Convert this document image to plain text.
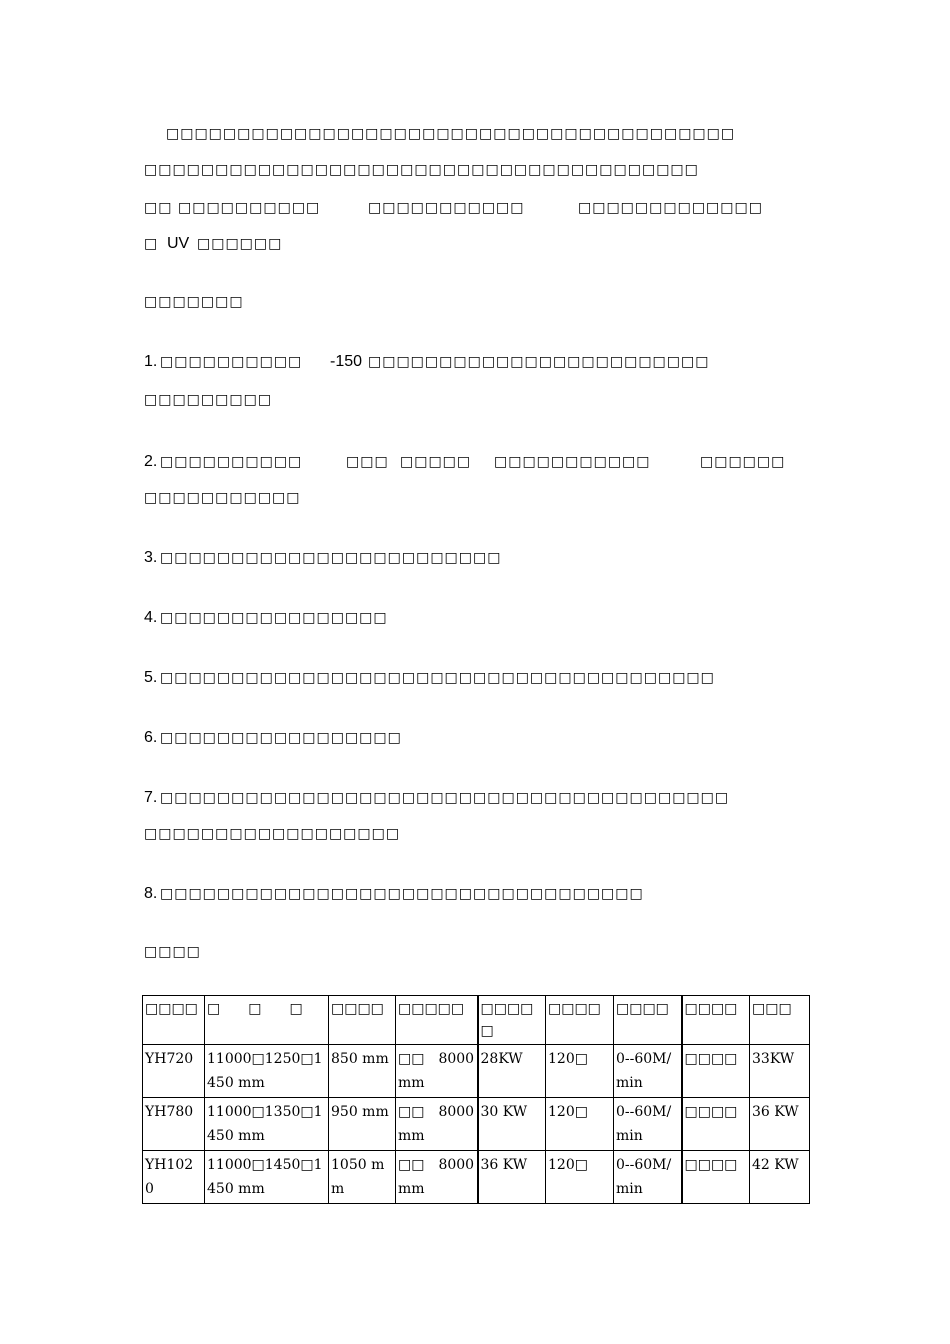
□□□□□□□□□□□□□□□□□□□□□□□□□□□□□□□□□□□□□□□□
□□□□□□□□□□□□□□□□□□□□□□□□□□□□□□□□□□□□□□□
□□ □□□□□□□□□□	□□□□□□□□□□□	□□□□□□□□□□□□□
□ UV □□□□□□
□□□□□□□
1. □□□□□□□□□□ -150 □□□□□□□□□□□□□□□□□□□□□□□□
□□□□□□□□□
2. □□□□□□□□□□	□□□ □□□□□ □□□□□□□□□□□	□□□□□□
□□□□□□□□□□□
3. □□□□□□□□□□□□□□□□□□□□□□□□
4. □□□□□□□□□□□□□□□□
5. □□□□□□□□□□□□□□□□□□□□□□□□□□□□□□□□□□□□□□□
6. □□□□□□□□□□□□□□□□□
7. □□□□□□□□□□□□□□□□□□□□□□□□□□□□□□□□□□□□□□□□
□□□□□□□□□□□□□□□□□□
8. □□□□□□□□□□□□□□□□□□□□□□□□□□□□□□□□□□
□□□□
□□□□	□　　□　　□	□□□□	□□□□□	□□□□□	□□□□	□□□□	□□□□	□□□
YH720	11000□1250□1450 mm	850 mm	□□　8000mm	28KW	120□	0--60M/min	□□□□	33KW
YH780	11000□1350□1450 mm	950 mm	□□　8000mm	30 KW	120□	0--60M/min	□□□□	36 KW
YH1020	11000□1450□1450 mm	1050 mm	□□　8000mm	36 KW	120□	0--60M/min	□□□□	42 KW
